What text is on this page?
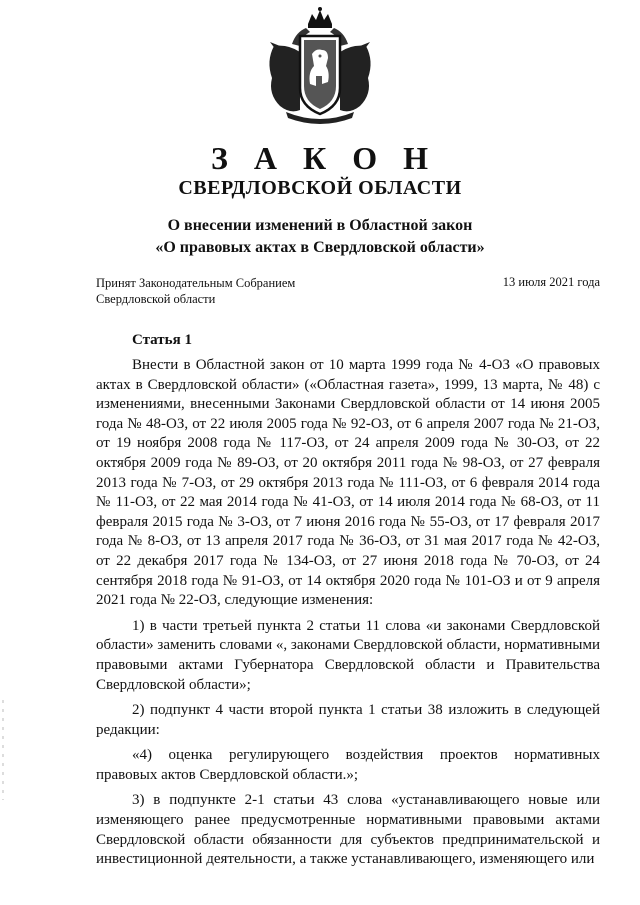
З А К О Н
СВЕРДЛОВСКОЙ ОБЛАСТИ
О внесении изменений в Областной закон
«О правовых актах в Свердловской области»
Принят Законодательным Собранием
Свердловской области
13 июля 2021 года
Статья 1

Внести в Областной закон от 10 марта 1999 года № 4-ОЗ «О правовых актах в Свердловской области» («Областная газета», 1999, 13 марта, № 48) с изменениями, внесенными Законами Свердловской области от 14 июня 2005 года № 48-ОЗ, от 22 июля 2005 года № 92-ОЗ, от 6 апреля 2007 года № 21-ОЗ, от 19 ноября 2008 года № 117-ОЗ, от 24 апреля 2009 года № 30-ОЗ, от 22 октября 2009 года № 89-ОЗ, от 20 октября 2011 года № 98-ОЗ, от 27 февраля 2013 года № 7-ОЗ, от 29 октября 2013 года № 111-ОЗ, от 6 февраля 2014 года № 11-ОЗ, от 22 мая 2014 года № 41-ОЗ, от 14 июля 2014 года № 68-ОЗ, от 11 февраля 2015 года № 3-ОЗ, от 7 июня 2016 года № 55-ОЗ, от 17 февраля 2017 года № 8-ОЗ, от 13 апреля 2017 года № 36-ОЗ, от 31 мая 2017 года № 42-ОЗ, от 22 декабря 2017 года № 134-ОЗ, от 27 июня 2018 года № 70-ОЗ, от 24 сентября 2018 года № 91-ОЗ, от 14 октября 2020 года № 101-ОЗ и от 9 апреля 2021 года № 22-ОЗ, следующие изменения:

1) в части третьей пункта 2 статьи 11 слова «и законами Свердловской области» заменить словами «, законами Свердловской области, нормативными правовыми актами Губернатора Свердловской области и Правительства Свердловской области»;

2) подпункт 4 части второй пункта 1 статьи 38 изложить в следующей редакции:

«4) оценка регулирующего воздействия проектов нормативных правовых актов Свердловской области.»;

3) в подпункте 2-1 статьи 43 слова «устанавливающего новые или изменяющего ранее предусмотренные нормативными правовыми актами Свердловской области обязанности для субъектов предпринимательской и инвестиционной деятельности, а также устанавливающего, изменяющего или
